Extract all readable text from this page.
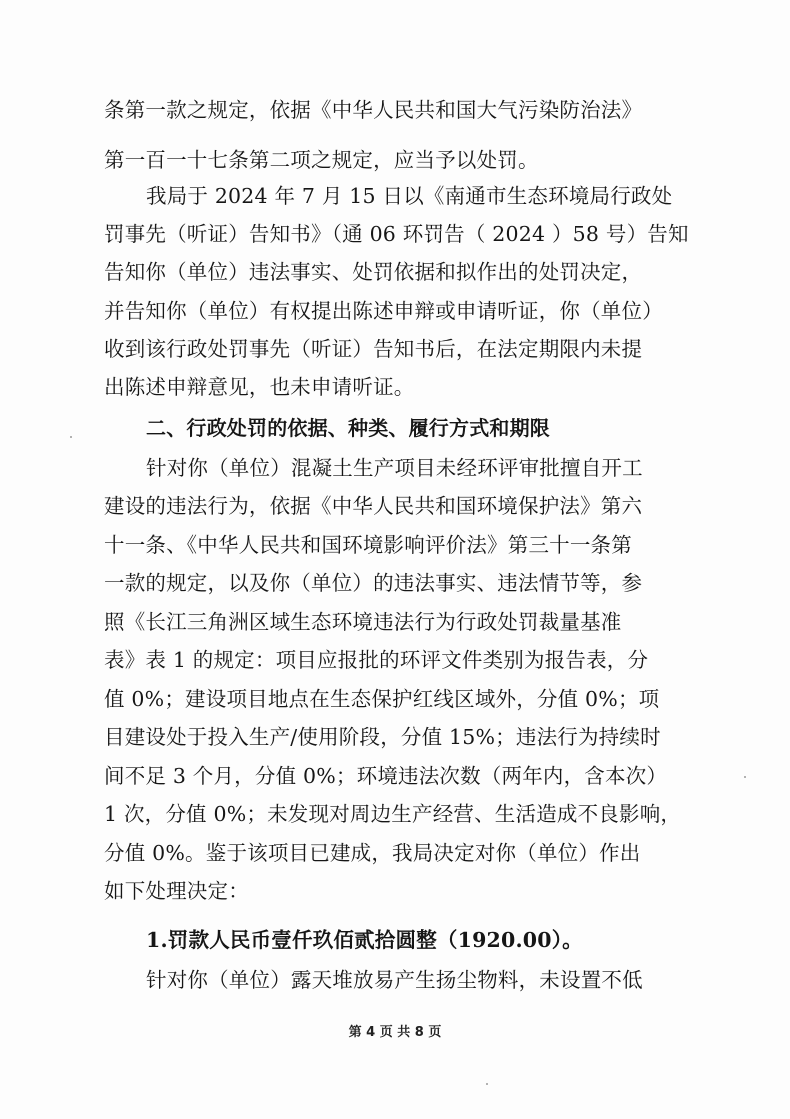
条第一款之规定，依据《中华人民共和国大气污染防治法》
第一百一十七条第二项之规定，应当予以处罚。
我局于 2024 年 7 月 15 日以《南通市生态环境局行政处
罚事先（听证）告知书》（通 06 环罚告（ 2024 ）58 号）告知
告知你（单位）违法事实、处罚依据和拟作出的处罚决定，
并告知你（单位）有权提出陈述申辩或申请听证，你（单位）
收到该行政处罚事先（听证）告知书后，在法定期限内未提
出陈述申辩意见，也未申请听证。
二、行政处罚的依据、种类、履行方式和期限
针对你（单位）混凝土生产项目未经环评审批擅自开工
建设的违法行为，依据《中华人民共和国环境保护法》第六
十一条、《中华人民共和国环境影响评价法》第三十一条第
一款的规定，以及你（单位）的违法事实、违法情节等，参
照《长江三角洲区域生态环境违法行为行政处罚裁量基准
表》表 1 的规定：项目应报批的环评文件类别为报告表，分
值 0%；建设项目地点在生态保护红线区域外，分值 0%；项
目建设处于投入生产/使用阶段，分值 15%；违法行为持续时
间不足 3 个月，分值 0%；环境违法次数（两年内，含本次）
1 次，分值 0%；未发现对周边生产经营、生活造成不良影响，
分值 0%。鉴于该项目已建成，我局决定对你（单位）作出
如下处理决定：
1.罚款人民币壹仟玖佰贰拾圆整（1920.00）。
针对你（单位）露天堆放易产生扬尘物料，未设置不低
第 4 页 共 8 页
